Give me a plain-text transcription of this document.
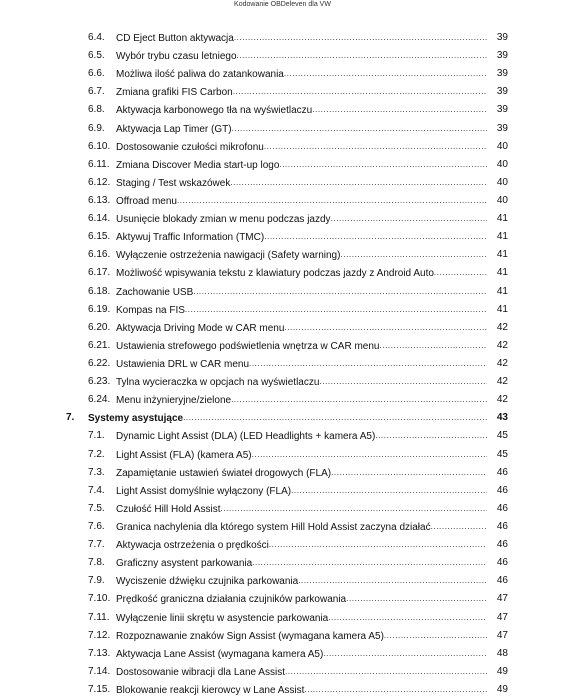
Kodowanie OBDeleven dla VW
6.4. CD Eject Button aktywacja .....	39
6.5. Wybór trybu czasu letniego .....	39
6.6. Możliwa ilość paliwa do zatankowania .....	39
6.7. Zmiana grafiki FIS Carbon .....	39
6.8. Aktywacja karbonowego tła na wyświetlaczu .....	39
6.9. Aktywacja Lap Timer (GT) .....	39
6.10. Dostosowanie czułości mikrofonu .....	40
6.11. Zmiana Discover Media start-up logo .....	40
6.12. Staging / Test wskazówek .....	40
6.13. Offroad menu .....	40
6.14. Usunięcie blokady zmian w menu podczas jazdy .....	41
6.15. Aktywuj Traffic Information (TMC) .....	41
6.16. Wyłączenie ostrzeżenia nawigacji (Safety warning) .....	41
6.17. Możliwość wpisywania tekstu z klawiatury podczas jazdy z Android Auto .....	41
6.18. Zachowanie USB .....	41
6.19. Kompas na FIS .....	41
6.20. Aktywacja Driving Mode w CAR menu .....	42
6.21. Ustawienia strefowego podświetlenia wnętrza w CAR menu .....	42
6.22. Ustawienia DRL w CAR menu .....	42
6.23. Tylna wycieraczka w opcjach na wyświetlaczu .....	42
6.24. Menu inżynieryjne/zielone .....	42
7. Systemy asystujące .....	43
7.1. Dynamic Light Assist (DLA) (LED Headlights + kamera A5) .....	45
7.2. Light Assist (FLA) (kamera A5) .....	45
7.3. Zapamiętanie ustawień świateł drogowych (FLA) .....	46
7.4. Light Assist domyślnie wyłączony (FLA) .....	46
7.5. Czułość Hill Hold Assist .....	46
7.6. Granica nachylenia dla którego system Hill Hold Assist zaczyna działać .....	46
7.7. Aktywacja ostrzeżenia o prędkości .....	46
7.8. Graficzny asystent parkowania .....	46
7.9. Wyciszenie dźwięku czujnika parkowania .....	46
7.10. Prędkość graniczna działania czujników parkowania .....	47
7.11. Wyłączenie linii skrętu w asystencie parkowania .....	47
7.12. Rozpoznawanie znaków Sign Assist (wymagana kamera A5) .....	47
7.13. Aktywacja Lane Assist (wymagana kamera A5) .....	48
7.14. Dostosowanie wibracji dla Lane Assist .....	49
7.15. Blokowanie reakcji kierowcy w Lane Assist .....	49
